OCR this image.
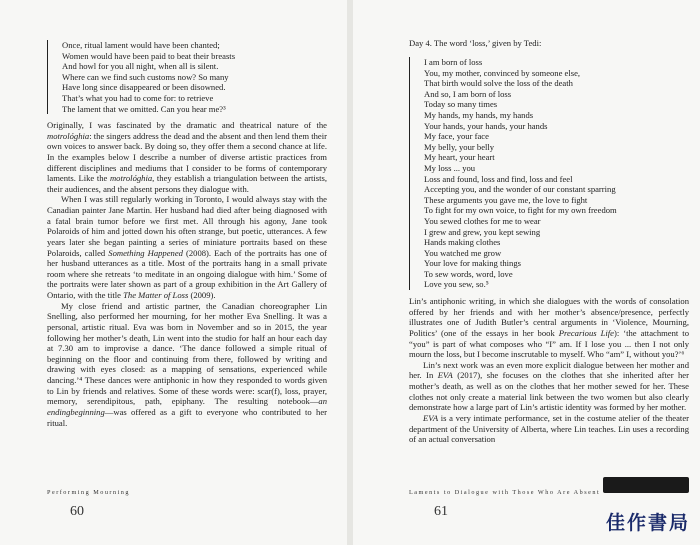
Once, ritual lament would have been chanted;
Women would have been paid to beat their breasts
And howl for you all night, when all is silent.
Where can we find such customs now? So many
Have long since disappeared or been disowned.
That’s what you had to come for: to retrieve
The lament that we omitted. Can you hear me?³

Originally, I was fascinated by the dramatic and theatrical nature of the motrológhia: the singers address the dead and the absent and then lend them their own voices to answer back. By doing so, they offer them a second chance at life. In the examples below I describe a number of diverse artistic practices from different disciplines and mediums that I consider to be forms of contemporary laments. Like the motrológhia, they establish a triangulation between the artists, their audiences, and the absent persons they dialogue with.

When I was still regularly working in Toronto, I would always stay with the Canadian painter Jane Martin. Her husband had died after being diagnosed with a fatal brain tumor before we first met. All through his agony, Jane took Polaroids of him and jotted down his often strange, but poetic, utterances. A few years later she began painting a series of miniature portraits based on these Polaroids, called Something Happened (2008). Each of the portraits has one of her husband utterances as a title. Most of the portraits hang in a small private room where she retreats ‘to meditate in an ongoing dialogue with him.’ Some of the portraits were later shown as part of a group exhibition in the Art Gallery of Ontario, with the title The Matter of Loss (2009).

My close friend and artistic partner, the Canadian choreographer Lin Snelling, also performed her mourning, for her mother Eva Snelling. It was a personal, artistic ritual. Eva was born in November and so in 2015, the year following her mother’s death, Lin went into the studio for half an hour each day at 7.30 am to improvise a dance. ‘The dance followed a simple ritual of beginning on the floor and continuing from there, followed by writing and drawing with eyes closed: as a mapping of sensations, experienced while dancing.’⁴ These dances were antiphonic in how they responded to words given to Lin by friends and relatives. Some of these words were: scar(f), loss, prayer, memory, serendipitous, path, epiphany. The resulting notebook—an endingbeginning—was offered as a gift to everyone who contributed to her ritual.

Performing Mourning
60
Day 4. The word ‘loss,’ given by Tedi:
I am born of loss
You, my mother, convinced by someone else,
That birth would solve the loss of the death
And so, I am born of loss
Today so many times
My hands, my hands, my hands
Your hands, your hands, your hands
My face, your face
My belly, your belly
My heart, your heart
My loss ... you
Loss and found, loss and find, loss and feel
Accepting you, and the wonder of our constant sparring
These arguments you gave me, the love to fight
To fight for my own voice, to fight for my own freedom
You sewed clothes for me to wear
I grew and grew, you kept sewing
Hands making clothes
You watched me grow
Your love for making things
To sew words, word, love
Love you sew, so.⁵

Lin’s antiphonic writing, in which she dialogues with the words of consolation offered by her friends and with her mother’s absence/presence, perfectly illustrates one of Judith Butler’s central arguments in ‘Violence, Mourning, Politics’ (one of the essays in her book Precarious Life): ‘the attachment to “you” is part of what composes who “I” am. If I lose you ... then I not only mourn the loss, but I become inscrutable to myself. Who “am” I, without you?’⁶

Lin’s next work was an even more explicit dialogue between her mother and her. In EVA (2017), she focuses on the clothes that she inherited after her mother’s death, as well as on the clothes that her mother sewed for her. These clothes not only create a material link between the two women but also clearly demonstrate how a large part of Lin’s artistic identity was formed by her mother.

EVA is a very intimate performance, set in the costume atelier of the theater department of the University of Alberta, where Lin teaches. Lin uses a recording of an actual conversation

Laments to Dialogue with Those Who Are Absent
61
佳作書局
